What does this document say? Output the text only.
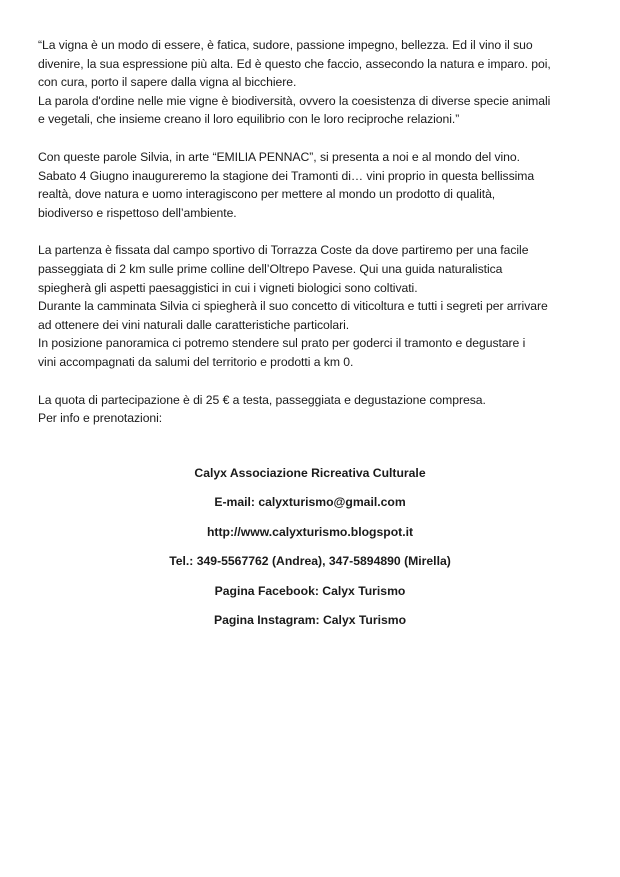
“La vigna è un modo di essere, è fatica, sudore, passione impegno, bellezza. Ed il vino il suo
divenire, la sua espressione più alta. Ed è questo che faccio, assecondo la natura e imparo. poi,
con cura, porto il sapere dalla vigna al bicchiere.
La parola d'ordine nelle mie vigne è biodiversità, ovvero la coesistenza di diverse specie animali
e vegetali, che insieme creano il loro equilibrio con le loro reciproche relazioni.”
Con queste parole Silvia, in arte “EMILIA PENNAC”, si presenta a noi e al mondo del vino.
Sabato 4 Giugno inaugureremo la stagione dei Tramonti di… vini proprio in questa bellissima
realtà, dove natura e uomo interagiscono per mettere al mondo un prodotto di qualità,
biodiverso e rispettoso dell’ambiente.
La partenza è fissata dal campo sportivo di Torrazza Coste da dove partiremo per una facile
passeggiata di 2 km sulle prime colline dell’Oltrepo Pavese. Qui una guida naturalistica
spiegherà gli aspetti paesaggistici in cui i vigneti biologici sono coltivati.
Durante la camminata Silvia ci spiegherà il suo concetto di viticoltura e tutti i segreti per arrivare
ad ottenere dei vini naturali dalle caratteristiche particolari.
In posizione panoramica ci potremo stendere sul prato per goderci il tramonto e degustare i
vini accompagnati da salumi del territorio e prodotti a km 0.
La quota di partecipazione è di 25 € a testa, passeggiata e degustazione compresa.
Per info e prenotazioni:
Calyx Associazione Ricreativa Culturale
E-mail: calyxturismo@gmail.com
http://www.calyxturismo.blogspot.it
Tel.: 349-5567762 (Andrea), 347-5894890 (Mirella)
Pagina Facebook: Calyx Turismo
Pagina Instagram: Calyx Turismo
